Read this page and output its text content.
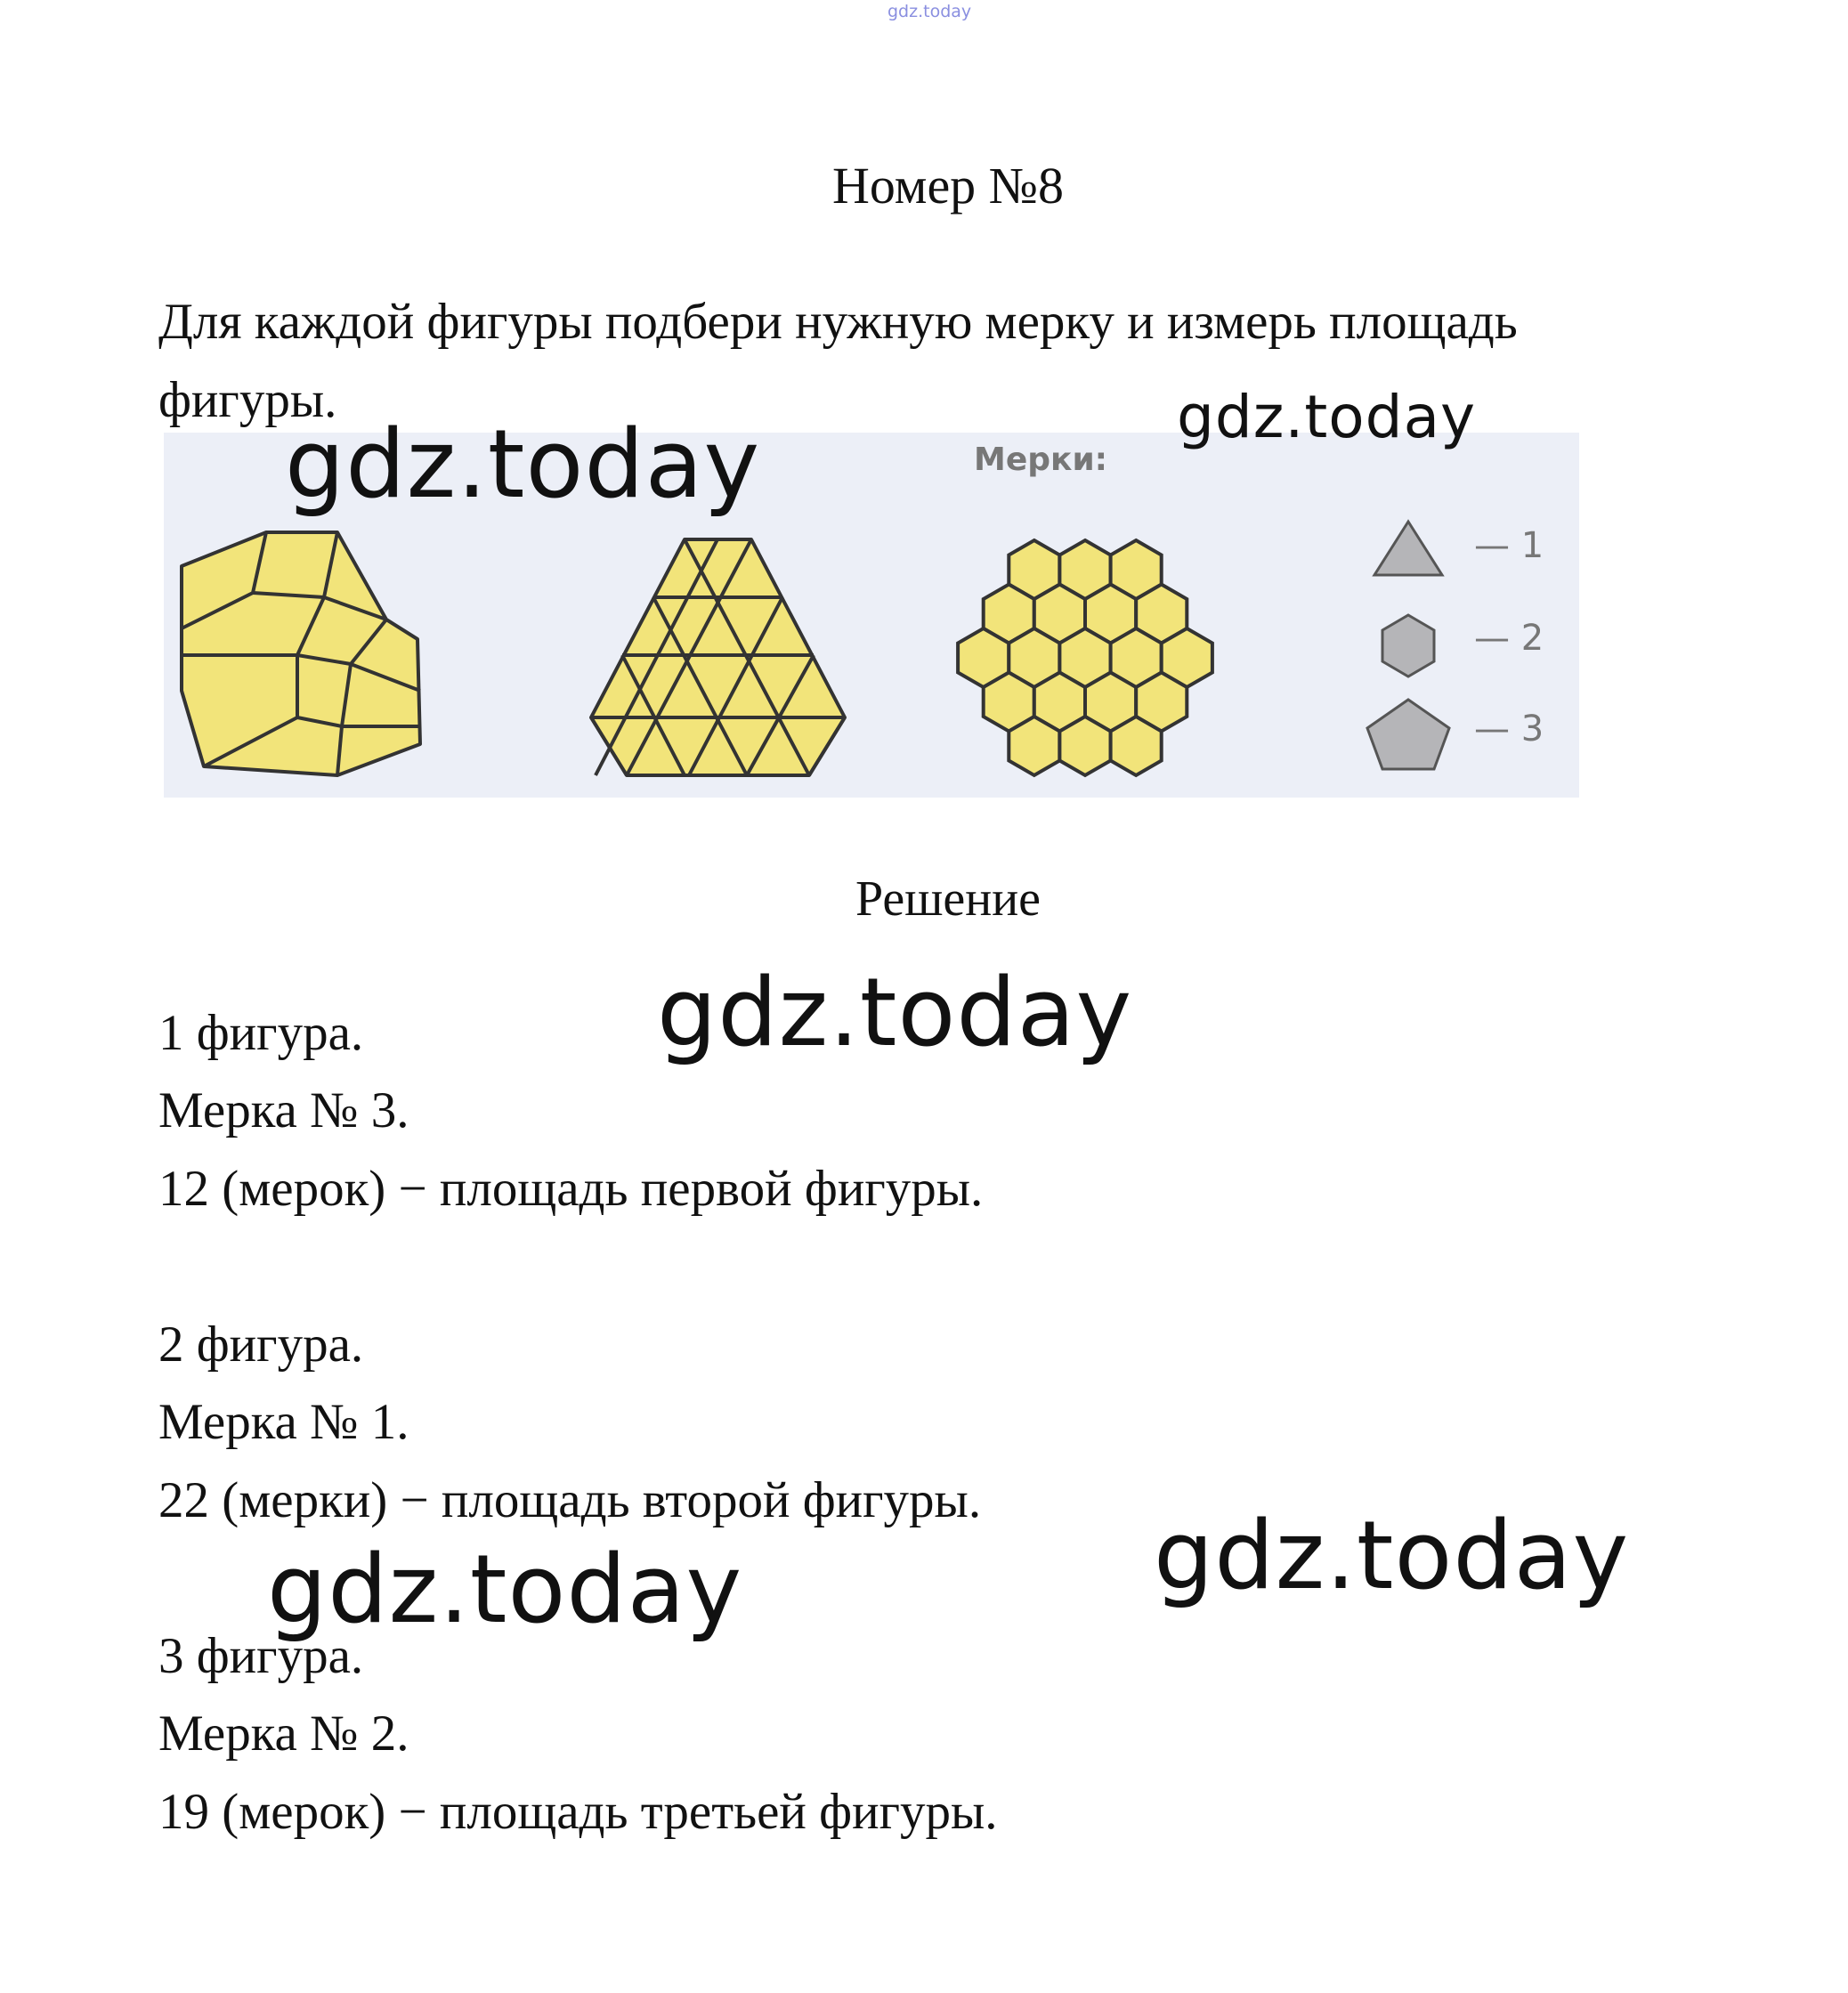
gdz.today
Номер №8
Для каждой фигуры подбери нужную мерку и измерь площадь фигуры.
Мерки:
— 1
— 2
— 3
gdz.today	gdz.today
gdz.today
gdz.today	gdz.today
Решение
1 фигура.
Мерка № 3.
12 (мерок) − площадь первой фигуры.
2 фигура.
Мерка № 1.
22 (мерки) − площадь второй фигуры.
3 фигура.
Мерка № 2.
19 (мерок) − площадь третьей фигуры.
